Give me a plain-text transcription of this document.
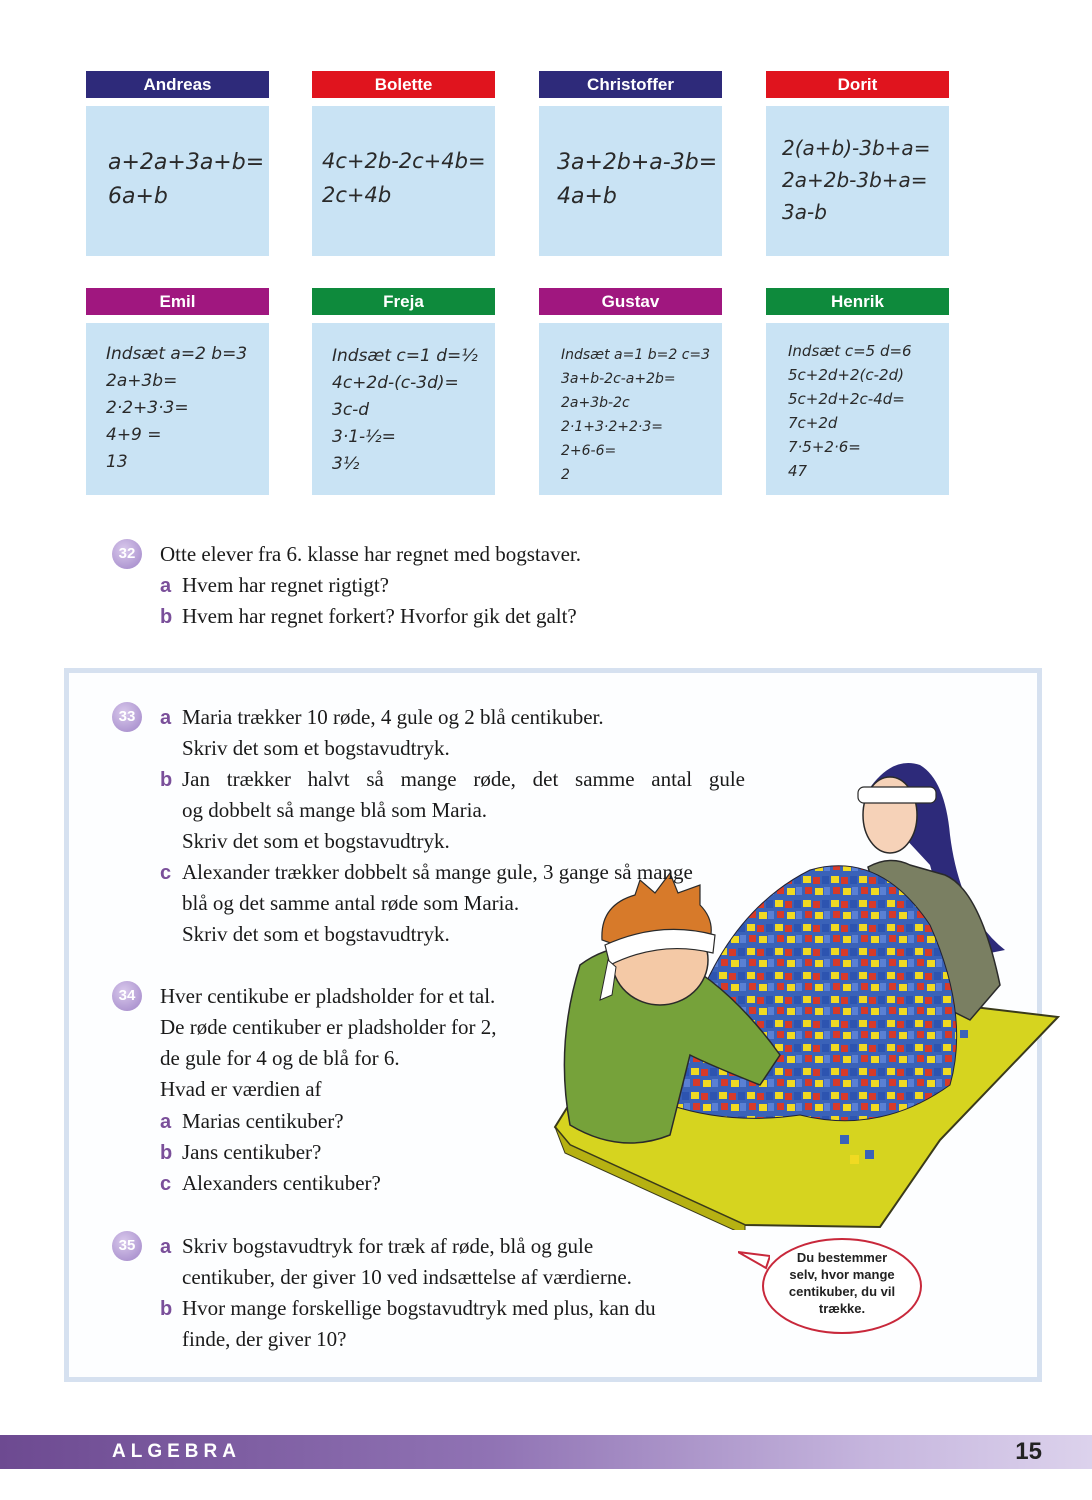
Andreas
a+2a+3a+b=
6a+b
Bolette
4c+2b-2c+4b=
2c+4b
Christoffer
3a+2b+a-3b=
4a+b
Dorit
2(a+b)-3b+a=
2a+2b-3b+a=
3a-b
Emil
Indsæt a=2 b=3
2a+3b=
2·2+3·3=
4+9 =
13
Freja
Indsæt c=1 d=½
4c+2d-(c-3d)=
3c-d
3·1-½=
3½
Gustav
Indsæt a=1 b=2 c=3
3a+b-2c-a+2b=
2a+3b-2c
2·1+3·2+2·3=
2+6-6=
2
Henrik
Indsæt c=5 d=6
5c+2d+2(c-2d)
5c+2d+2c-4d=
7c+2d
7·5+2·6=
47
32	Otte elever fra 6. klasse har regnet med bogstaver.
a Hvem har regnet rigtigt?
b Hvem har regnet forkert? Hvorfor gik det galt?
33	a Maria trækker 10 røde, 4 gule og 2 blå centikuber.
Skriv det som et bogstavudtryk.
b Jan trækker halvt så mange røde, det samme antal gule
og dobbelt så mange blå som Maria.
Skriv det som et bogstavudtryk.
c Alexander trækker dobbelt så mange gule, 3 gange så mange
blå og det samme antal røde som Maria.
Skriv det som et bogstavudtryk.
34	Hver centikube er pladsholder for et tal.
De røde centikuber er pladsholder for 2,
de gule for 4 og de blå for 6.
Hvad er værdien af
a Marias centikuber?
b Jans centikuber?
c Alexanders centikuber?
35	a Skriv bogstavudtryk for træk af røde, blå og gule
centikuber, der giver 10 ved indsættelse af værdierne.
b Hvor mange forskellige bogstavudtryk med plus, kan du
finde, der giver 10?
Du bestemmer
selv, hvor mange
centikuber, du vil
trække.
ALGEBRA	15
